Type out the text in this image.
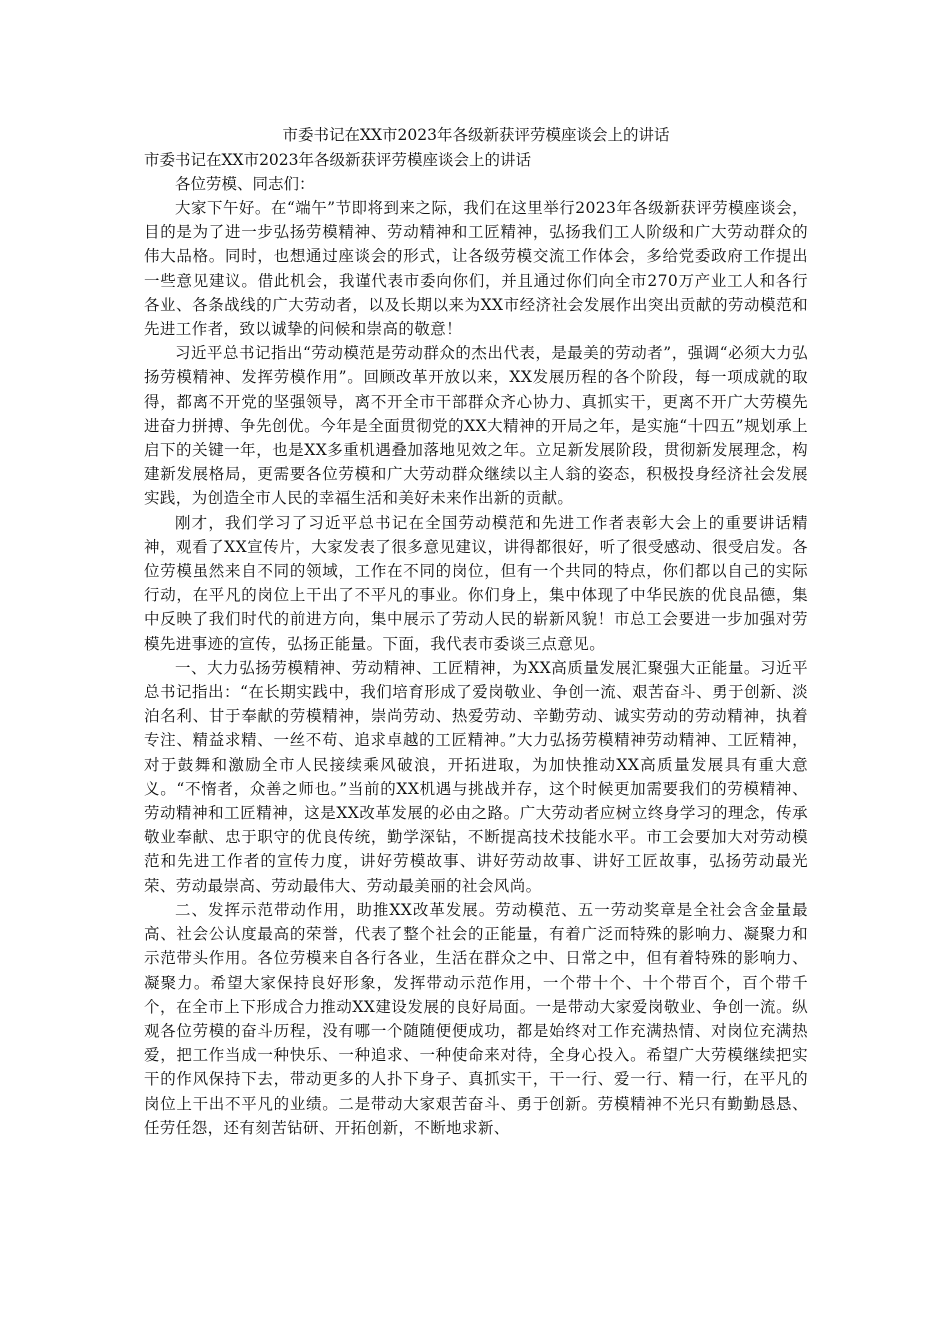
市委书记在XX市2023年各级新获评劳模座谈会上的讲话

市委书记在XX市2023年各级新获评劳模座谈会上的讲话

各位劳模、同志们：

大家下午好。在“端午”节即将到来之际，我们在这里举行2023年各级新获评劳模座谈会，目的是为了进一步弘扬劳模精神、劳动精神和工匠精神，弘扬我们工人阶级和广大劳动群众的伟大品格。同时，也想通过座谈会的形式，让各级劳模交流工作体会，多给党委政府工作提出一些意见建议。借此机会，我谨代表市委向你们，并且通过你们向全市270万产业工人和各行各业、各条战线的广大劳动者，以及长期以来为XX市经济社会发展作出突出贡献的劳动模范和先进工作者，致以诚挚的问候和崇高的敬意！

习近平总书记指出“劳动模范是劳动群众的杰出代表，是最美的劳动者”，强调“必须大力弘扬劳模精神、发挥劳模作用”。回顾改革开放以来，XX发展历程的各个阶段，每一项成就的取得，都离不开党的坚强领导，离不开全市干部群众齐心协力、真抓实干，更离不开广大劳模先进奋力拼搏、争先创优。今年是全面贯彻党的XX大精神的开局之年，是实施“十四五”规划承上启下的关键一年，也是XX多重机遇叠加落地见效之年。立足新发展阶段，贯彻新发展理念，构建新发展格局，更需要各位劳模和广大劳动群众继续以主人翁的姿态，积极投身经济社会发展实践，为创造全市人民的幸福生活和美好未来作出新的贡献。

刚才，我们学习了习近平总书记在全国劳动模范和先进工作者表彰大会上的重要讲话精神，观看了XX宣传片，大家发表了很多意见建议，讲得都很好，听了很受感动、很受启发。各位劳模虽然来自不同的领域，工作在不同的岗位，但有一个共同的特点，你们都以自己的实际行动，在平凡的岗位上干出了不平凡的事业。你们身上，集中体现了中华民族的优良品德，集中反映了我们时代的前进方向，集中展示了劳动人民的崭新风貌！市总工会要进一步加强对劳模先进事迹的宣传，弘扬正能量。下面，我代表市委谈三点意见。

一、大力弘扬劳模精神、劳动精神、工匠精神，为XX高质量发展汇聚强大正能量。习近平总书记指出：“在长期实践中，我们培育形成了爱岗敬业、争创一流、艰苦奋斗、勇于创新、淡泊名利、甘于奉献的劳模精神，崇尚劳动、热爱劳动、辛勤劳动、诚实劳动的劳动精神，执着专注、精益求精、一丝不苟、追求卓越的工匠精神。”大力弘扬劳模精神劳动精神、工匠精神，对于鼓舞和激励全市人民接续乘风破浪，开拓进取，为加快推动XX高质量发展具有重大意义。“不惰者，众善之师也。”当前的XX机遇与挑战并存，这个时候更加需要我们的劳模精神、劳动精神和工匠精神，这是XX改革发展的必由之路。广大劳动者应树立终身学习的理念，传承敬业奉献、忠于职守的优良传统，勤学深钻，不断提高技术技能水平。市工会要加大对劳动模范和先进工作者的宣传力度，讲好劳模故事、讲好劳动故事、讲好工匠故事，弘扬劳动最光荣、劳动最崇高、劳动最伟大、劳动最美丽的社会风尚。

二、发挥示范带动作用，助推XX改革发展。劳动模范、五一劳动奖章是全社会含金量最高、社会公认度最高的荣誉，代表了整个社会的正能量，有着广泛而特殊的影响力、凝聚力和示范带头作用。各位劳模来自各行各业，生活在群众之中、日常之中，但有着特殊的影响力、凝聚力。希望大家保持良好形象，发挥带动示范作用，一个带十个、十个带百个，百个带千个，在全市上下形成合力推动XX建设发展的良好局面。一是带动大家爱岗敬业、争创一流。纵观各位劳模的奋斗历程，没有哪一个随随便便成功，都是始终对工作充满热情、对岗位充满热爱，把工作当成一种快乐、一种追求、一种使命来对待，全身心投入。希望广大劳模继续把实干的作风保持下去，带动更多的人扑下身子、真抓实干，干一行、爱一行、精一行，在平凡的岗位上干出不平凡的业绩。二是带动大家艰苦奋斗、勇于创新。劳模精神不光只有勤勤恳恳、任劳任怨，还有刻苦钻研、开拓创新，不断地求新、
